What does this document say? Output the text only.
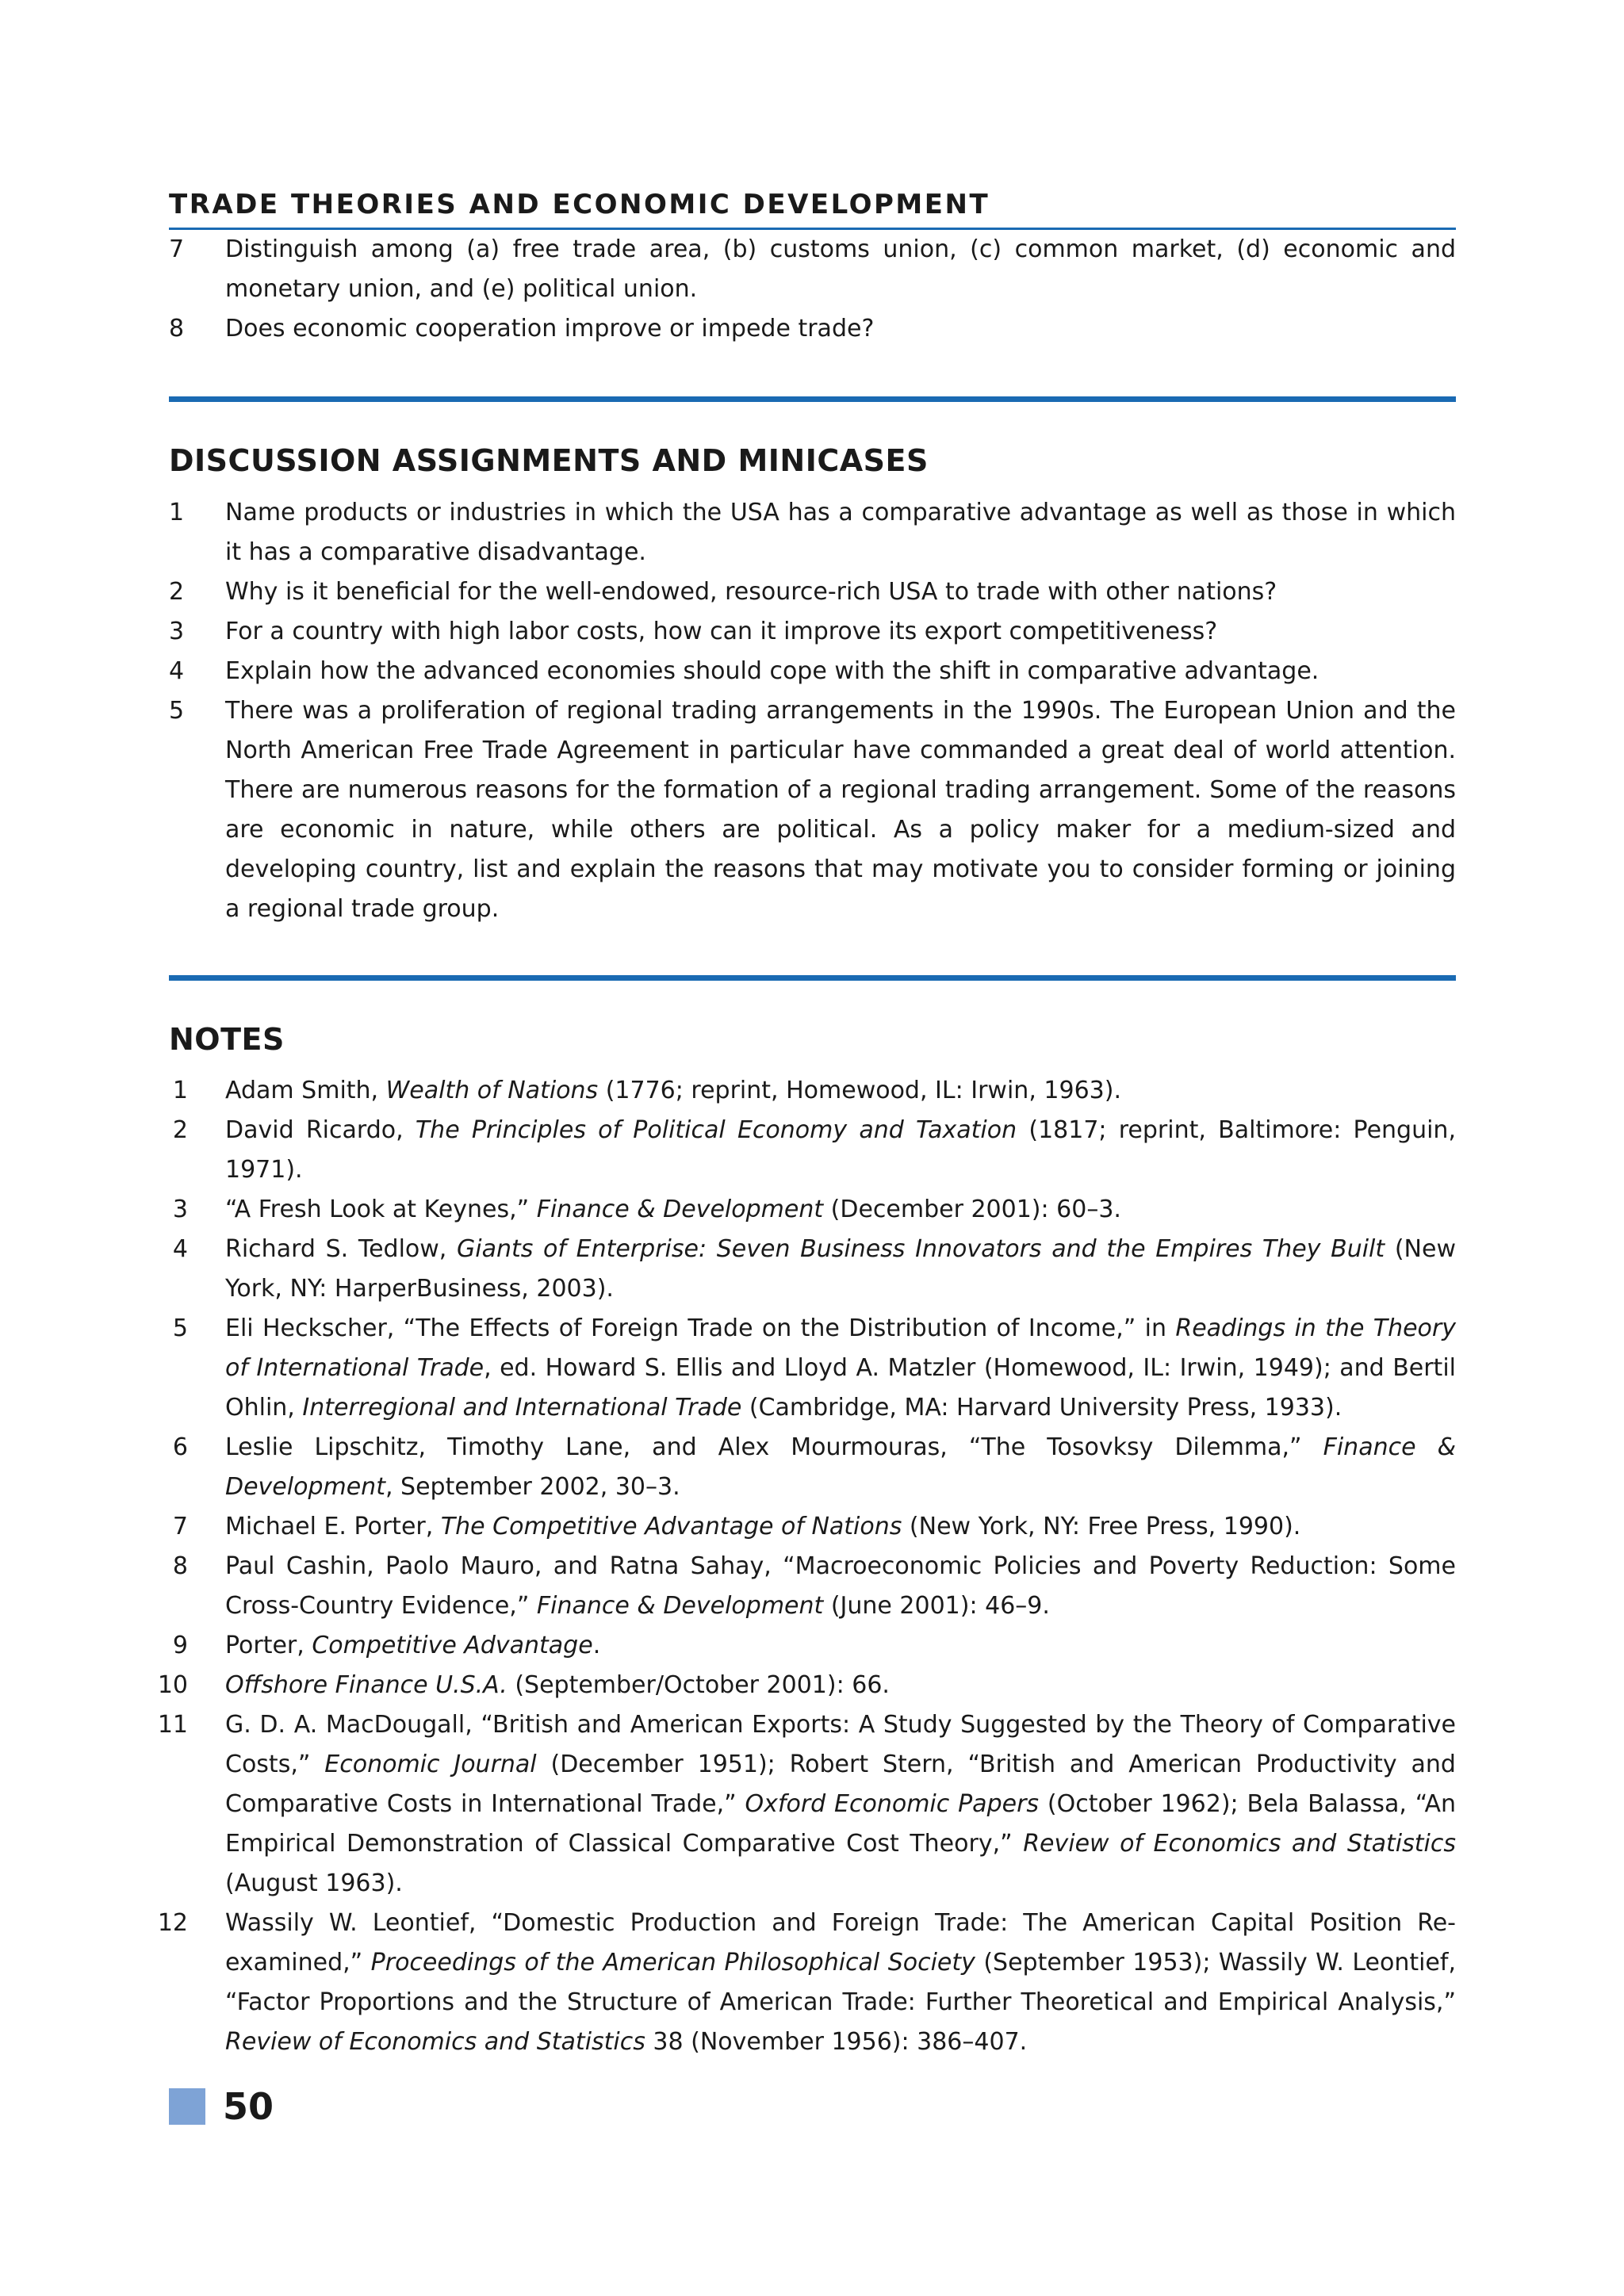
TRADE THEORIES AND ECONOMIC DEVELOPMENT
7	Distinguish among (a) free trade area, (b) customs union, (c) common market, (d) economic and monetary union, and (e) political union.
8	Does economic cooperation improve or impede trade?
DISCUSSION ASSIGNMENTS AND MINICASES
1	Name products or industries in which the USA has a comparative advantage as well as those in which it has a comparative disadvantage.
2	Why is it beneficial for the well-endowed, resource-rich USA to trade with other nations?
3	For a country with high labor costs, how can it improve its export competitiveness?
4	Explain how the advanced economies should cope with the shift in comparative advantage.
5	There was a proliferation of regional trading arrangements in the 1990s. The European Union and the North American Free Trade Agreement in particular have commanded a great deal of world attention. There are numerous reasons for the formation of a regional trading arrangement. Some of the reasons are economic in nature, while others are political. As a policy maker for a medium-sized and developing country, list and explain the reasons that may motivate you to consider forming or joining a regional trade group.
NOTES
1 Adam Smith, Wealth of Nations (1776; reprint, Homewood, IL: Irwin, 1963).
2 David Ricardo, The Principles of Political Economy and Taxation (1817; reprint, Baltimore: Penguin, 1971).
3 “A Fresh Look at Keynes,” Finance & Development (December 2001): 60–3.
4 Richard S. Tedlow, Giants of Enterprise: Seven Business Innovators and the Empires They Built (New York, NY: HarperBusiness, 2003).
5 Eli Heckscher, “The Effects of Foreign Trade on the Distribution of Income,” in Readings in the Theory of International Trade, ed. Howard S. Ellis and Lloyd A. Matzler (Homewood, IL: Irwin, 1949); and Bertil Ohlin, Interregional and International Trade (Cambridge, MA: Harvard University Press, 1933).
6 Leslie Lipschitz, Timothy Lane, and Alex Mourmouras, “The Tosovksy Dilemma,” Finance & Development, September 2002, 30–3.
7 Michael E. Porter, The Competitive Advantage of Nations (New York, NY: Free Press, 1990).
8 Paul Cashin, Paolo Mauro, and Ratna Sahay, “Macroeconomic Policies and Poverty Reduction: Some Cross-Country Evidence,” Finance & Development (June 2001): 46–9.
9 Porter, Competitive Advantage.
10 Offshore Finance U.S.A. (September/October 2001): 66.
11 G. D. A. MacDougall, “British and American Exports: A Study Suggested by the Theory of Comparative Costs,” Economic Journal (December 1951); Robert Stern, “British and American Productivity and Comparative Costs in International Trade,” Oxford Economic Papers (October 1962); Bela Balassa, “An Empirical Demonstration of Classical Comparative Cost Theory,” Review of Economics and Statistics (August 1963).
12 Wassily W. Leontief, “Domestic Production and Foreign Trade: The American Capital Position Re-examined,” Proceedings of the American Philosophical Society (September 1953); Wassily W. Leontief, “Factor Proportions and the Structure of American Trade: Further Theoretical and Empirical Analysis,” Review of Economics and Statistics 38 (November 1956): 386–407.
50
